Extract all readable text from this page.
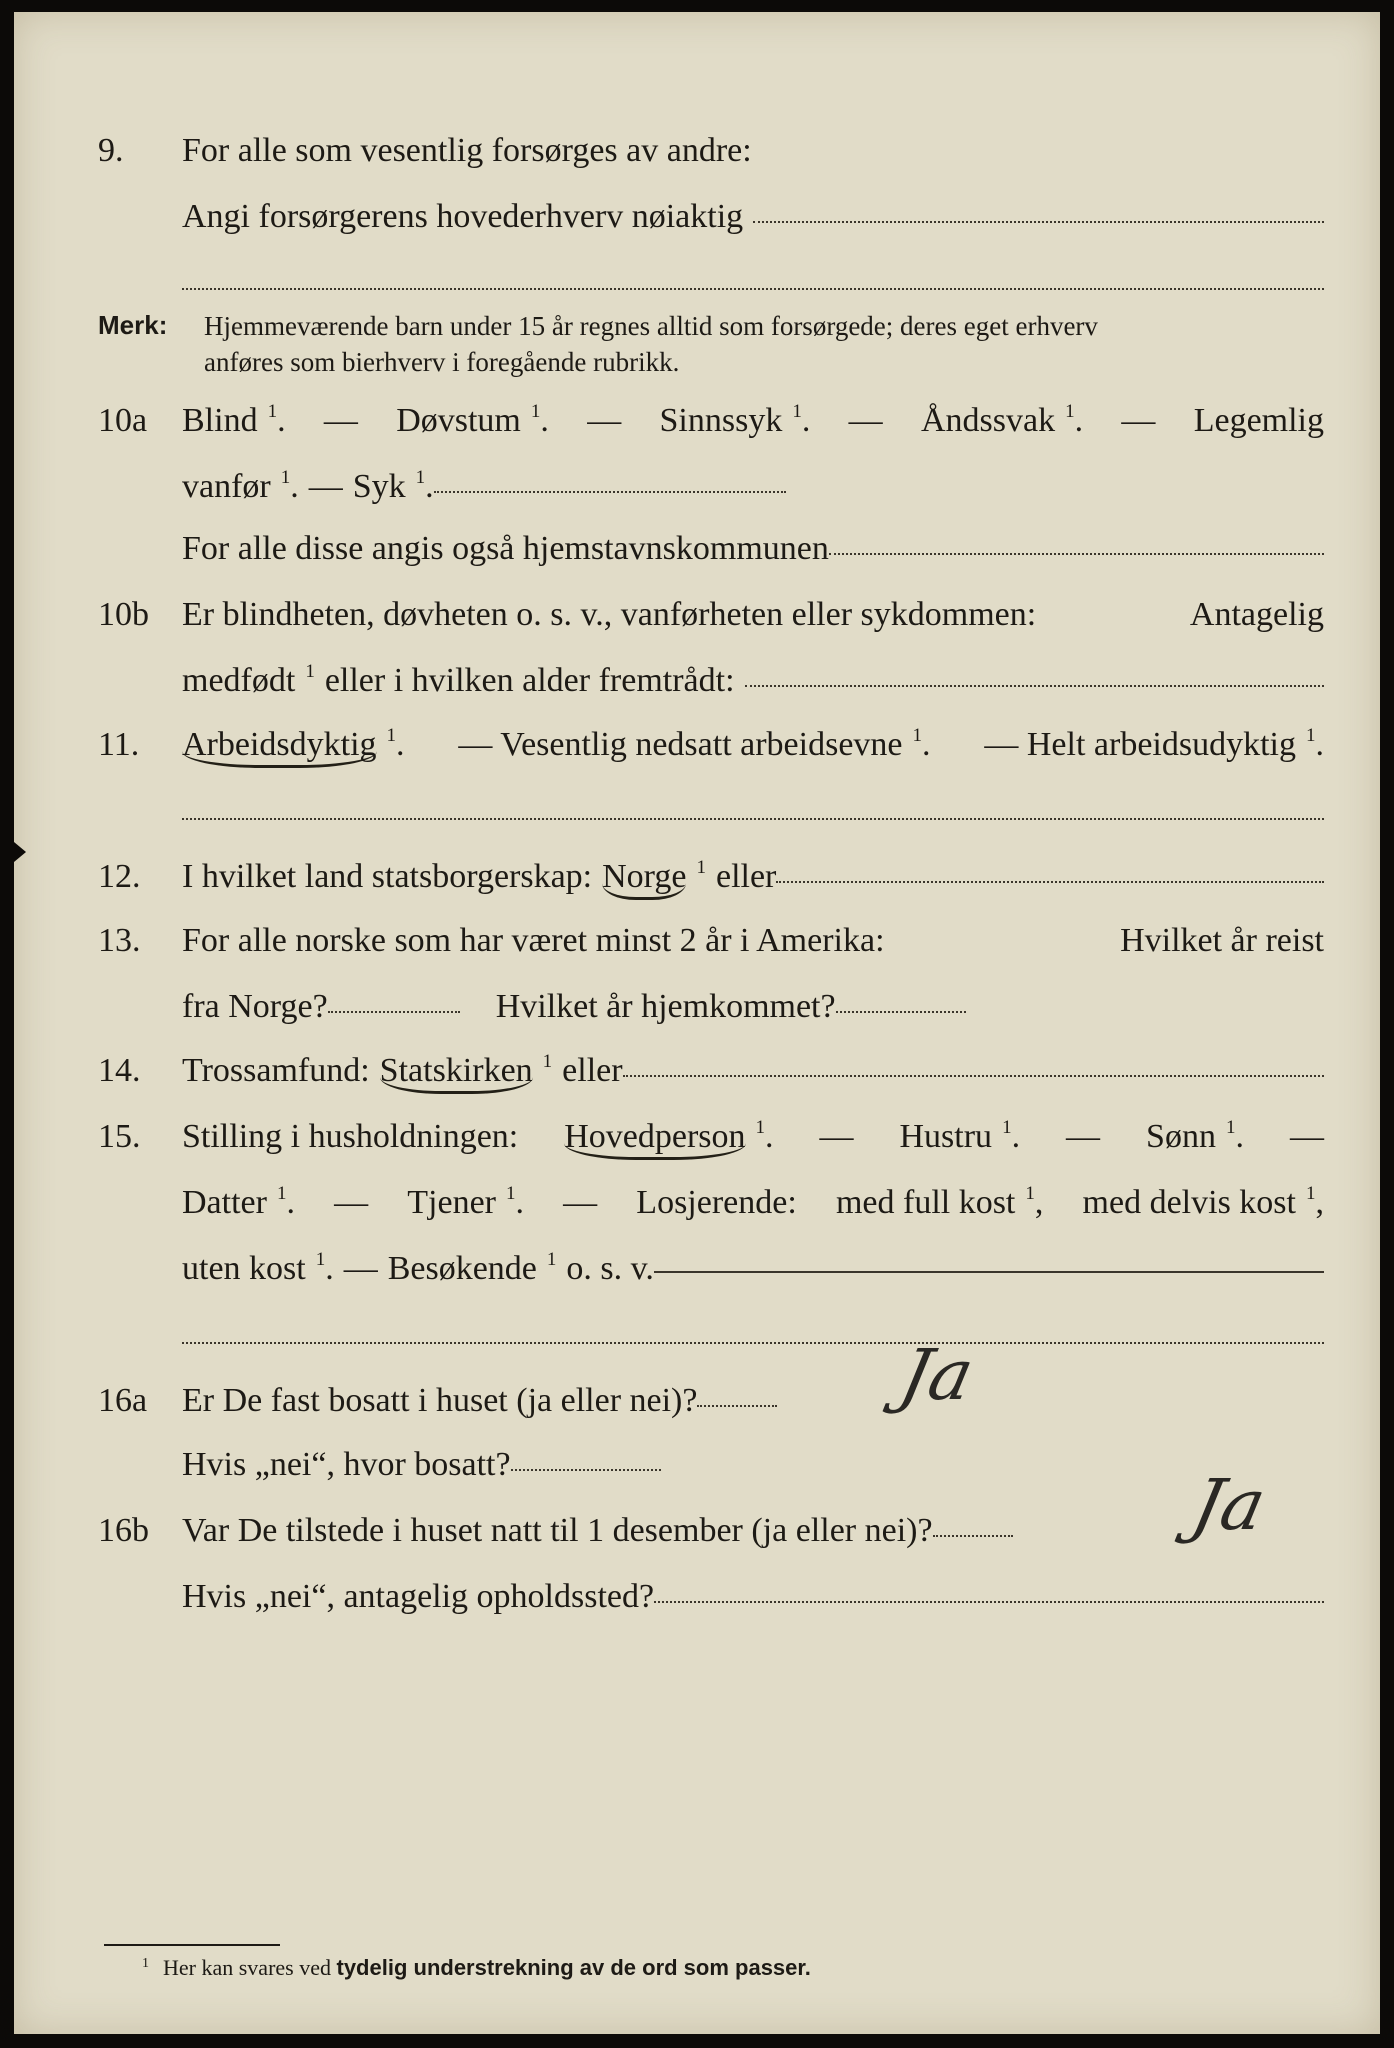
9. For alle som vesentlig forsørges av andre:
Angi forsørgerens hovederhverv nøiaktig
Merk: Hjemmeværende barn under 15 år regnes alltid som forsørgede; deres eget erhverv
anføres som bierhverv i foregående rubrikk.
10a Blind $^1$. — Døvstum $^1$. — Sinnssyk $^1$. — Åndssvak $^1$. — Legemlig
vanfør $^1$. — Syk $^1$.
For alle disse angis også hjemstavnskommunen
10b Er blindheten, døvheten o. s. v., vanførheten eller sykdommen:	Antagelig
medfødt $^1$ eller i hvilken alder fremtrådt:
11. Arbeidsdyktig $^1$. — Vesentlig nedsatt arbeidsevne $^1$. — Helt arbeidsudyktig $^1$.
12. I hvilket land statsborgerskap: Norge $^1$ eller
13. For alle norske som har været minst 2 år i Amerika:	Hvilket år reist
fra Norge?	Hvilket år hjemkommet?
14. Trossamfund: Statskirken $^1$ eller
15. Stilling i husholdningen: Hovedperson $^1$. — Hustru $^1$. — Sønn $^1$. —
Datter $^1$. — Tjener $^1$. — Losjerende: med full kost $^1$, med delvis kost $^1$,
uten kost $^1$. — Besøkende $^1$ o. s. v.
16a Er De fast bosatt i huset (ja eller nei)?	Ja
Hvis „nei“, hvor bosatt?
16b Var De tilstede i huset natt til 1 desember (ja eller nei)?	Ja
Hvis „nei“, antagelig opholdssted?
$^1$ Her kan svares ved tydelig understrekning av de ord som passer.
